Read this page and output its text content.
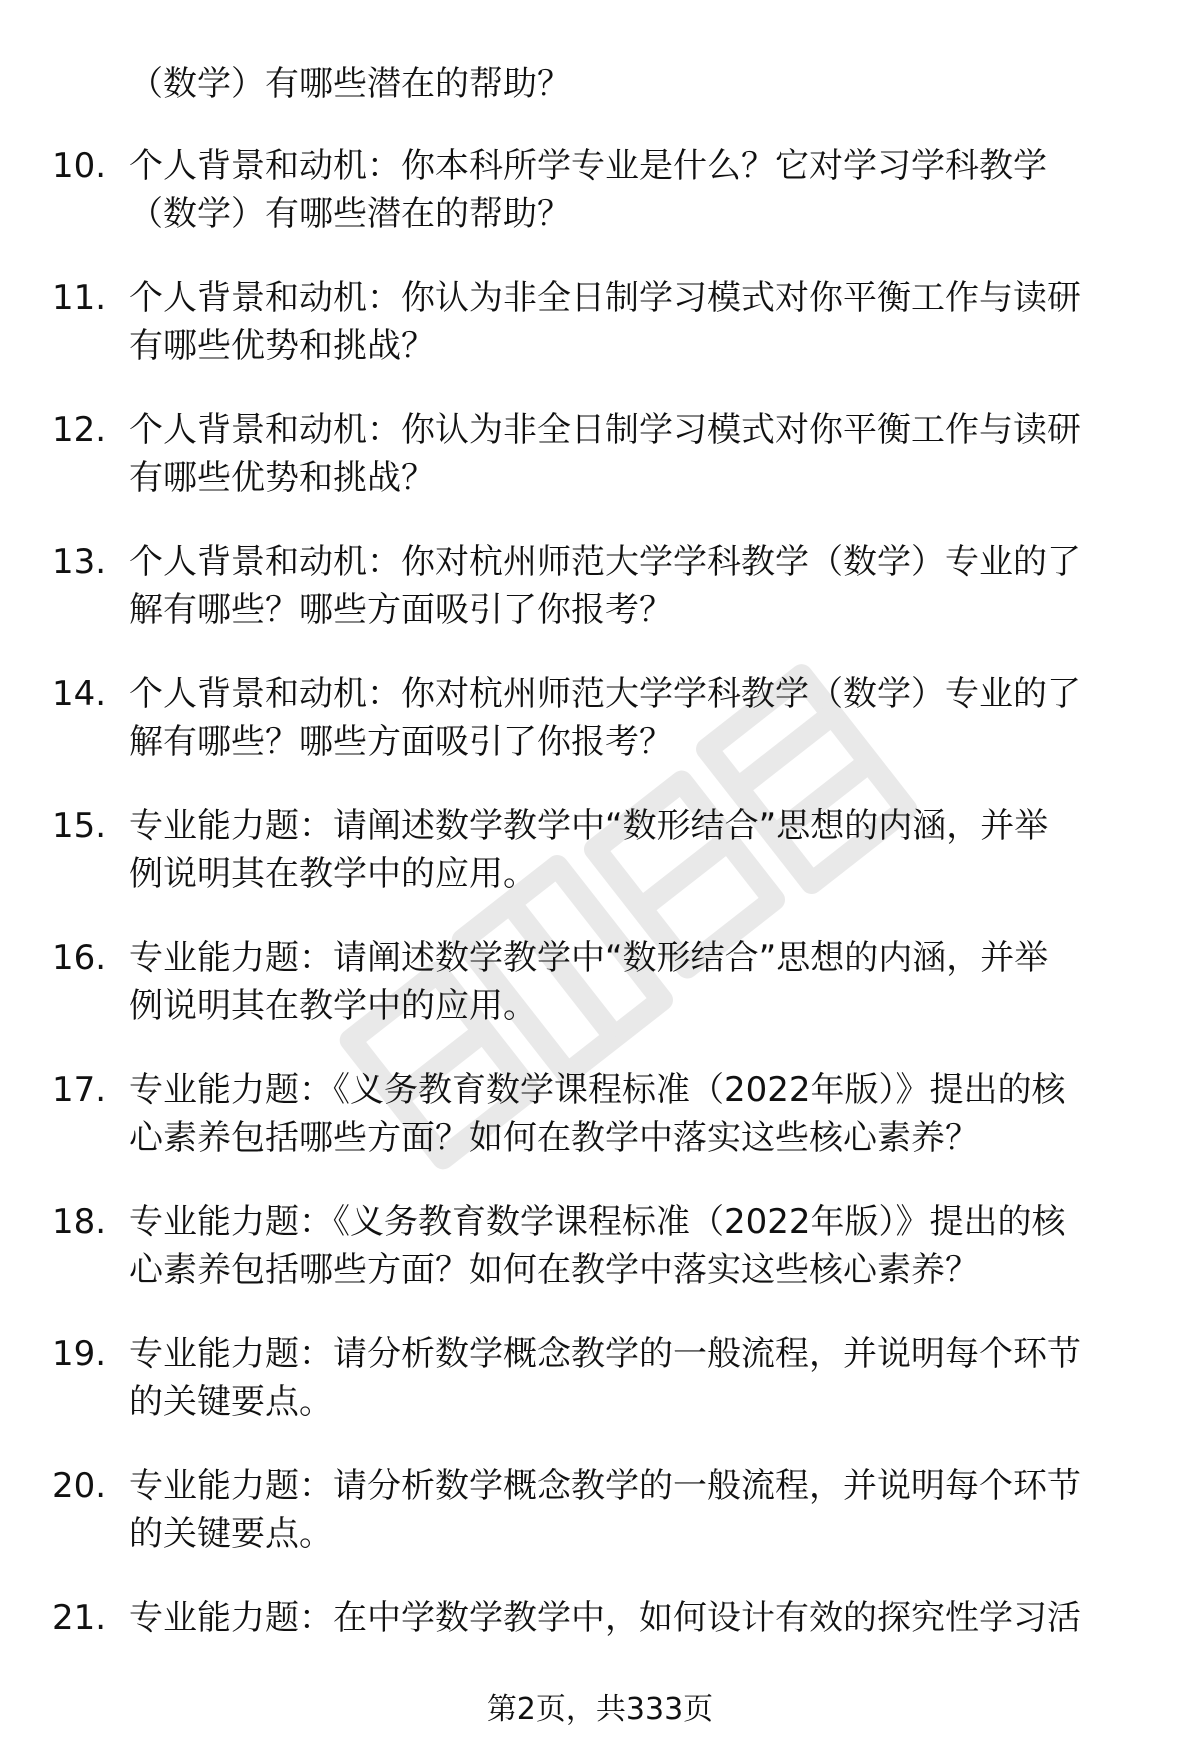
（数学）有哪些潜在的帮助？
10. 个人背景和动机：你本科所学专业是什么？它对学习学科教学
（数学）有哪些潜在的帮助？
11. 个人背景和动机：你认为非全日制学习模式对你平衡工作与读研
有哪些优势和挑战？
12. 个人背景和动机：你认为非全日制学习模式对你平衡工作与读研
有哪些优势和挑战？
13. 个人背景和动机：你对杭州师范大学学科教学（数学）专业的了
解有哪些？哪些方面吸引了你报考？
14. 个人背景和动机：你对杭州师范大学学科教学（数学）专业的了
解有哪些？哪些方面吸引了你报考？
15. 专业能力题：请阐述数学教学中“数形结合”思想的内涵，并举
例说明其在教学中的应用。
16. 专业能力题：请阐述数学教学中“数形结合”思想的内涵，并举
例说明其在教学中的应用。
17. 专业能力题：《义务教育数学课程标准（2022年版）》提出的核
心素养包括哪些方面？如何在教学中落实这些核心素养？
18. 专业能力题：《义务教育数学课程标准（2022年版）》提出的核
心素养包括哪些方面？如何在教学中落实这些核心素养？
19. 专业能力题：请分析数学概念教学的一般流程，并说明每个环节
的关键要点。
20. 专业能力题：请分析数学概念教学的一般流程，并说明每个环节
的关键要点。
21. 专业能力题：在中学数学教学中，如何设计有效的探究性学习活
第2页，共333页
